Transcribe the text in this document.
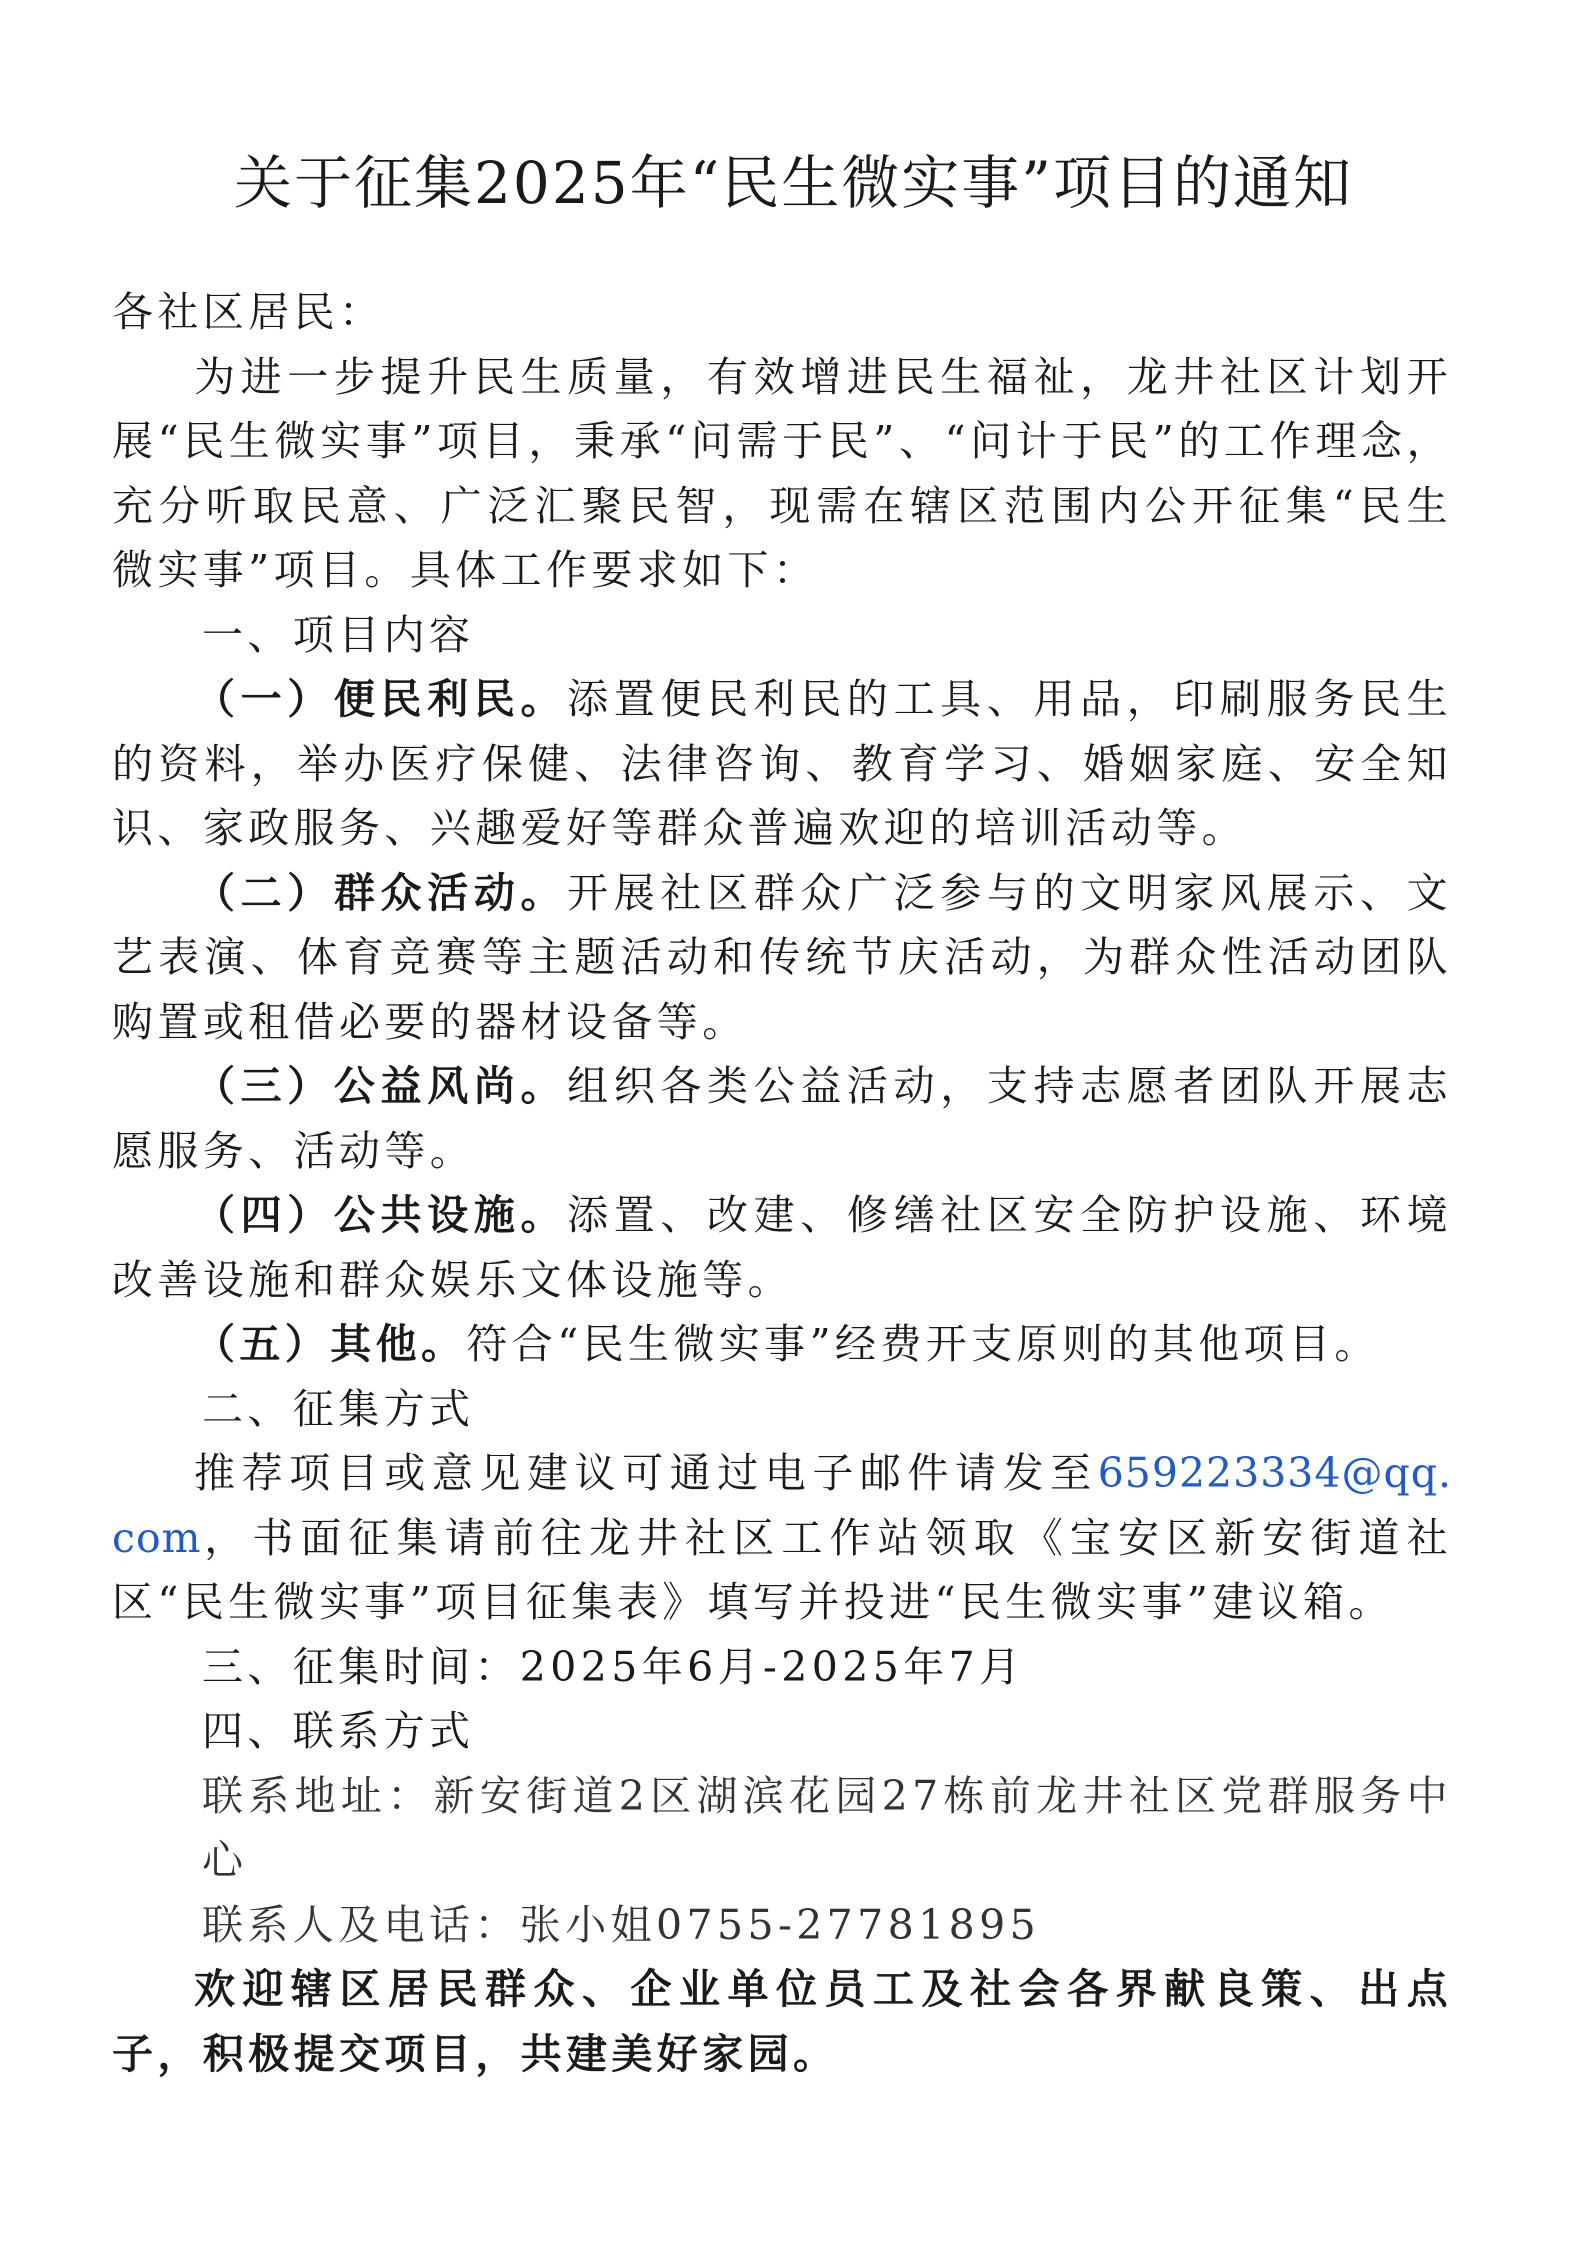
关于征集2025年“民生微实事”项目的通知

各社区居民：

为进一步提升民生质量，有效增进民生福祉，龙井社区计划开展“民生微实事”项目，秉承“问需于民”、“问计于民”的工作理念，充分听取民意、广泛汇聚民智，现需在辖区范围内公开征集“民生微实事”项目。具体工作要求如下：

一、项目内容

（一）便民利民。添置便民利民的工具、用品，印刷服务民生的资料，举办医疗保健、法律咨询、教育学习、婚姻家庭、安全知识、家政服务、兴趣爱好等群众普遍欢迎的培训活动等。

（二）群众活动。开展社区群众广泛参与的文明家风展示、文艺表演、体育竞赛等主题活动和传统节庆活动，为群众性活动团队购置或租借必要的器材设备等。

（三）公益风尚。组织各类公益活动，支持志愿者团队开展志愿服务、活动等。

（四）公共设施。添置、改建、修缮社区安全防护设施、环境改善设施和群众娱乐文体设施等。

（五）其他。符合“民生微实事”经费开支原则的其他项目。

二、征集方式

推荐项目或意见建议可通过电子邮件请发至659223334@qq. com，书面征集请前往龙井社区工作站领取《宝安区新安街道社区“民生微实事”项目征集表》填写并投进“民生微实事”建议箱。

三、征集时间：2025年6月-2025年7月

四、联系方式

联系地址：新安街道2区湖滨花园27栋前龙井社区党群服务中心

联系人及电话：张小姐0755-27781895

欢迎辖区居民群众、企业单位员工及社会各界献良策、出点子，积极提交项目，共建美好家园。
